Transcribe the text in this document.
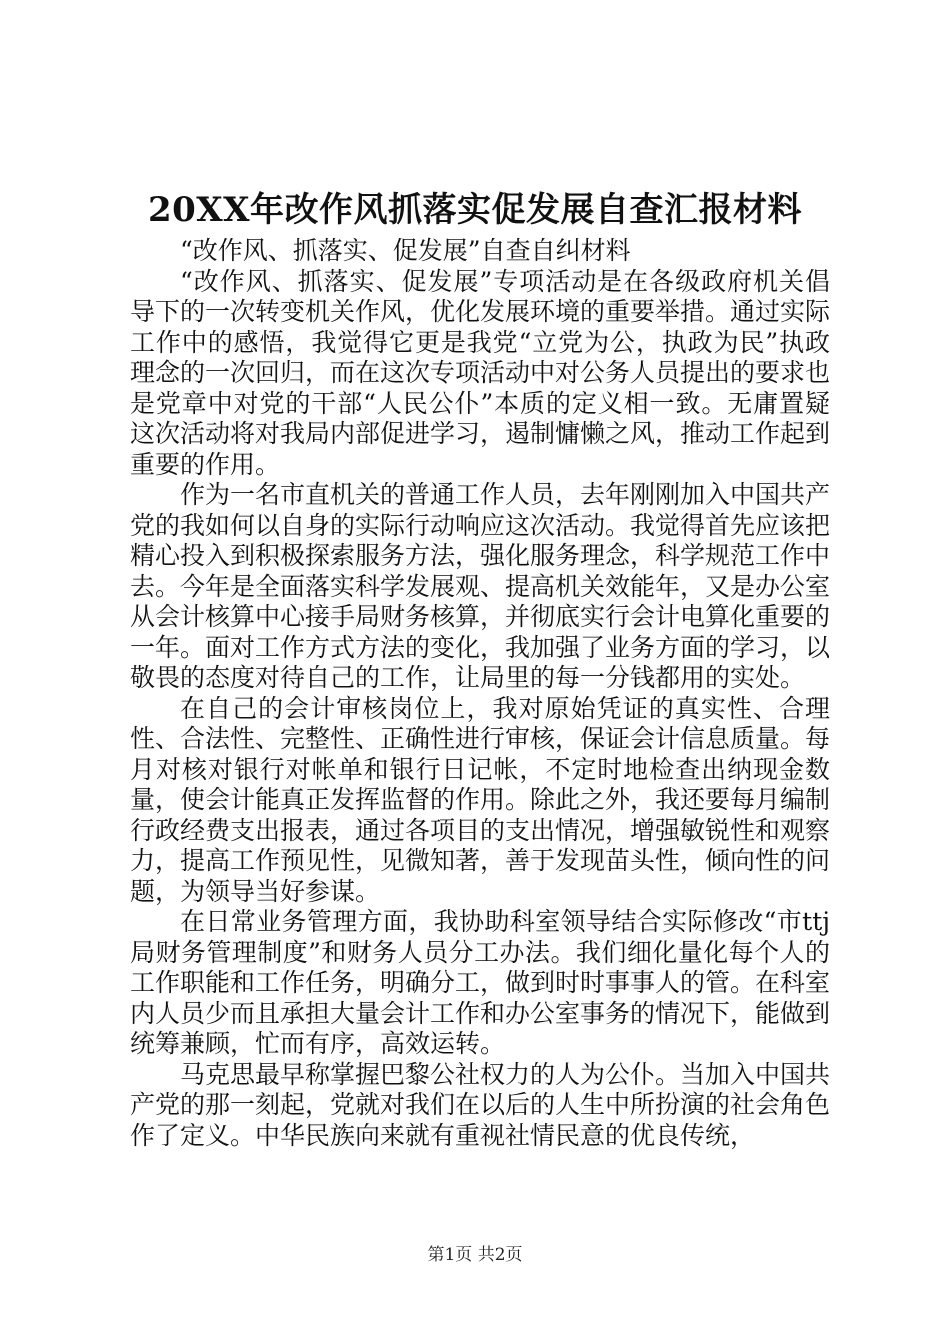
20XX年改作风抓落实促发展自查汇报材料

“改作风、抓落实、促发展”自查自纠材料

“改作风、抓落实、促发展”专项活动是在各级政府机关倡导下的一次转变机关作风，优化发展环境的重要举措。通过实际工作中的感悟，我觉得它更是我党“立党为公，执政为民”执政理念的一次回归，而在这次专项活动中对公务人员提出的要求也是党章中对党的干部“人民公仆”本质的定义相一致。无庸置疑这次活动将对我局内部促进学习，遏制慵懒之风，推动工作起到重要的作用。

作为一名市直机关的普通工作人员，去年刚刚加入中国共产党的我如何以自身的实际行动响应这次活动。我觉得首先应该把精心投入到积极探索服务方法，强化服务理念，科学规范工作中去。今年是全面落实科学发展观、提高机关效能年，又是办公室从会计核算中心接手局财务核算，并彻底实行会计电算化重要的一年。面对工作方式方法的变化，我加强了业务方面的学习，以敬畏的态度对待自己的工作，让局里的每一分钱都用的实处。

在自己的会计审核岗位上，我对原始凭证的真实性、合理性、合法性、完整性、正确性进行审核，保证会计信息质量。每月对核对银行对帐单和银行日记帐，不定时地检查出纳现金数量，使会计能真正发挥监督的作用。除此之外，我还要每月编制行政经费支出报表，通过各项目的支出情况，增强敏锐性和观察力，提高工作预见性，见微知著，善于发现苗头性，倾向性的问题，为领导当好参谋。

在日常业务管理方面，我协助科室领导结合实际修改“市ttj局财务管理制度”和财务人员分工办法。我们细化量化每个人的工作职能和工作任务，明确分工，做到时时事事人的管。在科室内人员少而且承担大量会计工作和办公室事务的情况下，能做到统筹兼顾，忙而有序，高效运转。

马克思最早称掌握巴黎公社权力的人为公仆。当加入中国共产党的那一刻起，党就对我们在以后的人生中所扮演的社会角色作了定义。中华民族向来就有重视社情民意的优良传统，

第1页 共2页
